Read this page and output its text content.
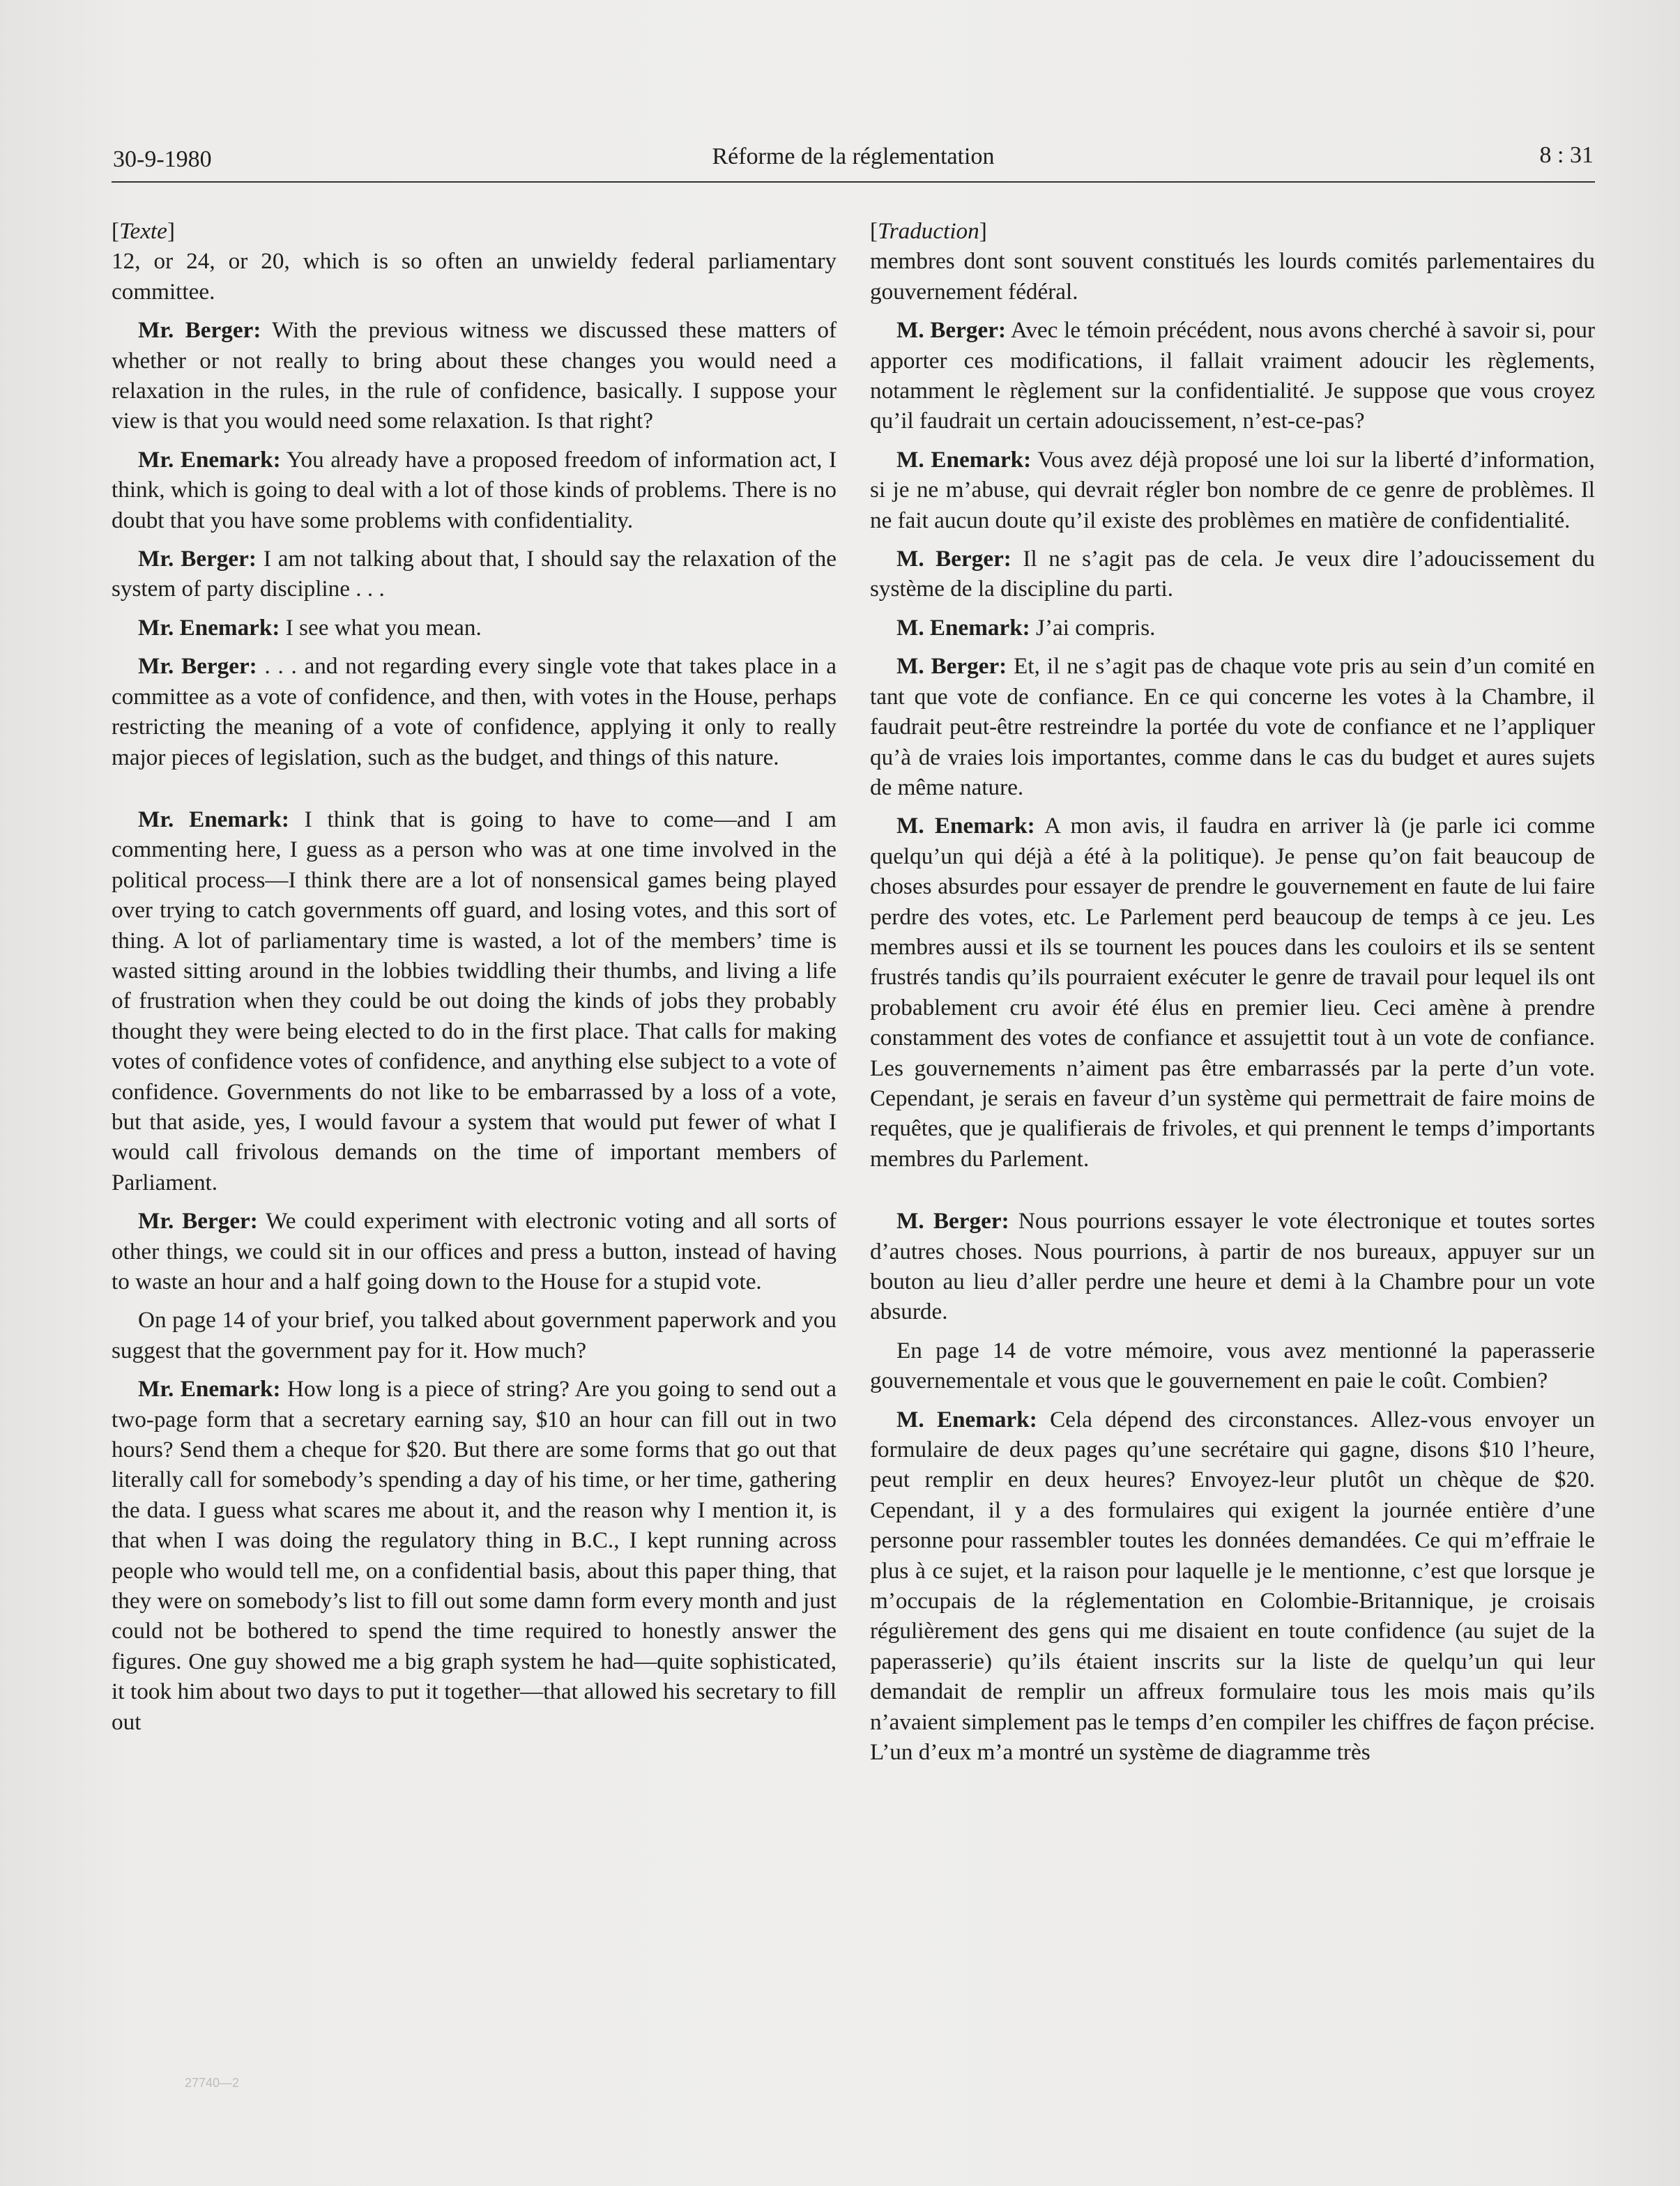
30-9-1980	Réforme de la réglementation	8 : 31

[Texte]

12, or 24, or 20, which is so often an unwieldy federal parliamentary committee.

Mr. Berger: With the previous witness we discussed these matters of whether or not really to bring about these changes you would need a relaxation in the rules, in the rule of confidence, basically. I suppose your view is that you would need some relaxation. Is that right?

Mr. Enemark: You already have a proposed freedom of information act, I think, which is going to deal with a lot of those kinds of problems. There is no doubt that you have some problems with confidentiality.

Mr. Berger: I am not talking about that, I should say the relaxation of the system of party discipline . . .

Mr. Enemark: I see what you mean.

Mr. Berger: . . . and not regarding every single vote that takes place in a committee as a vote of confidence, and then, with votes in the House, perhaps restricting the meaning of a vote of confidence, applying it only to really major pieces of legislation, such as the budget, and things of this nature.

Mr. Enemark: I think that is going to have to come—and I am commenting here, I guess as a person who was at one time involved in the political process—I think there are a lot of nonsensical games being played over trying to catch governments off guard, and losing votes, and this sort of thing. A lot of parliamentary time is wasted, a lot of the members’ time is wasted sitting around in the lobbies twiddling their thumbs, and living a life of frustration when they could be out doing the kinds of jobs they probably thought they were being elected to do in the first place. That calls for making votes of confidence votes of confidence, and anything else subject to a vote of confidence. Governments do not like to be embarrassed by a loss of a vote, but that aside, yes, I would favour a system that would put fewer of what I would call frivolous demands on the time of important members of Parliament.

Mr. Berger: We could experiment with electronic voting and all sorts of other things, we could sit in our offices and press a button, instead of having to waste an hour and a half going down to the House for a stupid vote.

On page 14 of your brief, you talked about government paperwork and you suggest that the government pay for it. How much?

Mr. Enemark: How long is a piece of string? Are you going to send out a two-page form that a secretary earning say, $10 an hour can fill out in two hours? Send them a cheque for $20. But there are some forms that go out that literally call for somebody’s spending a day of his time, or her time, gathering the data. I guess what scares me about it, and the reason why I mention it, is that when I was doing the regulatory thing in B.C., I kept running across people who would tell me, on a confidential basis, about this paper thing, that they were on somebody’s list to fill out some damn form every month and just could not be bothered to spend the time required to honestly answer the figures. One guy showed me a big graph system he had—quite sophisticated, it took him about two days to put it together—that allowed his secretary to fill out

[Traduction]

membres dont sont souvent constitués les lourds comités parlementaires du gouvernement fédéral.

M. Berger: Avec le témoin précédent, nous avons cherché à savoir si, pour apporter ces modifications, il fallait vraiment adoucir les règlements, notamment le règlement sur la confidentialité. Je suppose que vous croyez qu’il faudrait un certain adoucissement, n’est-ce-pas?

M. Enemark: Vous avez déjà proposé une loi sur la liberté d’information, si je ne m’abuse, qui devrait régler bon nombre de ce genre de problèmes. Il ne fait aucun doute qu’il existe des problèmes en matière de confidentialité.

M. Berger: Il ne s’agit pas de cela. Je veux dire l’adoucissement du système de la discipline du parti.

M. Enemark: J’ai compris.

M. Berger: Et, il ne s’agit pas de chaque vote pris au sein d’un comité en tant que vote de confiance. En ce qui concerne les votes à la Chambre, il faudrait peut-être restreindre la portée du vote de confiance et ne l’appliquer qu’à de vraies lois importantes, comme dans le cas du budget et aures sujets de même nature.

M. Enemark: A mon avis, il faudra en arriver là (je parle ici comme quelqu’un qui déjà a été à la politique). Je pense qu’on fait beaucoup de choses absurdes pour essayer de prendre le gouvernement en faute de lui faire perdre des votes, etc. Le Parlement perd beaucoup de temps à ce jeu. Les membres aussi et ils se tournent les pouces dans les couloirs et ils se sentent frustrés tandis qu’ils pourraient exécuter le genre de travail pour lequel ils ont probablement cru avoir été élus en premier lieu. Ceci amène à prendre constamment des votes de confiance et assujettit tout à un vote de confiance. Les gouvernements n’aiment pas être embarrassés par la perte d’un vote. Cependant, je serais en faveur d’un système qui permettrait de faire moins de requêtes, que je qualifierais de frivoles, et qui prennent le temps d’importants membres du Parlement.

M. Berger: Nous pourrions essayer le vote électronique et toutes sortes d’autres choses. Nous pourrions, à partir de nos bureaux, appuyer sur un bouton au lieu d’aller perdre une heure et demi à la Chambre pour un vote absurde.

En page 14 de votre mémoire, vous avez mentionné la paperasserie gouvernementale et vous que le gouvernement en paie le coût. Combien?

M. Enemark: Cela dépend des circonstances. Allez-vous envoyer un formulaire de deux pages qu’une secrétaire qui gagne, disons $10 l’heure, peut remplir en deux heures? Envoyez-leur plutôt un chèque de $20. Cependant, il y a des formulaires qui exigent la journée entière d’une personne pour rassembler toutes les données demandées. Ce qui m’effraie le plus à ce sujet, et la raison pour laquelle je le mentionne, c’est que lorsque je m’occupais de la réglementation en Colombie-Britannique, je croisais régulièrement des gens qui me disaient en toute confidence (au sujet de la paperasserie) qu’ils étaient inscrits sur la liste de quelqu’un qui leur demandait de remplir un affreux formulaire tous les mois mais qu’ils n’avaient simplement pas le temps d’en compiler les chiffres de façon précise. L’un d’eux m’a montré un système de diagramme très

27740—2
